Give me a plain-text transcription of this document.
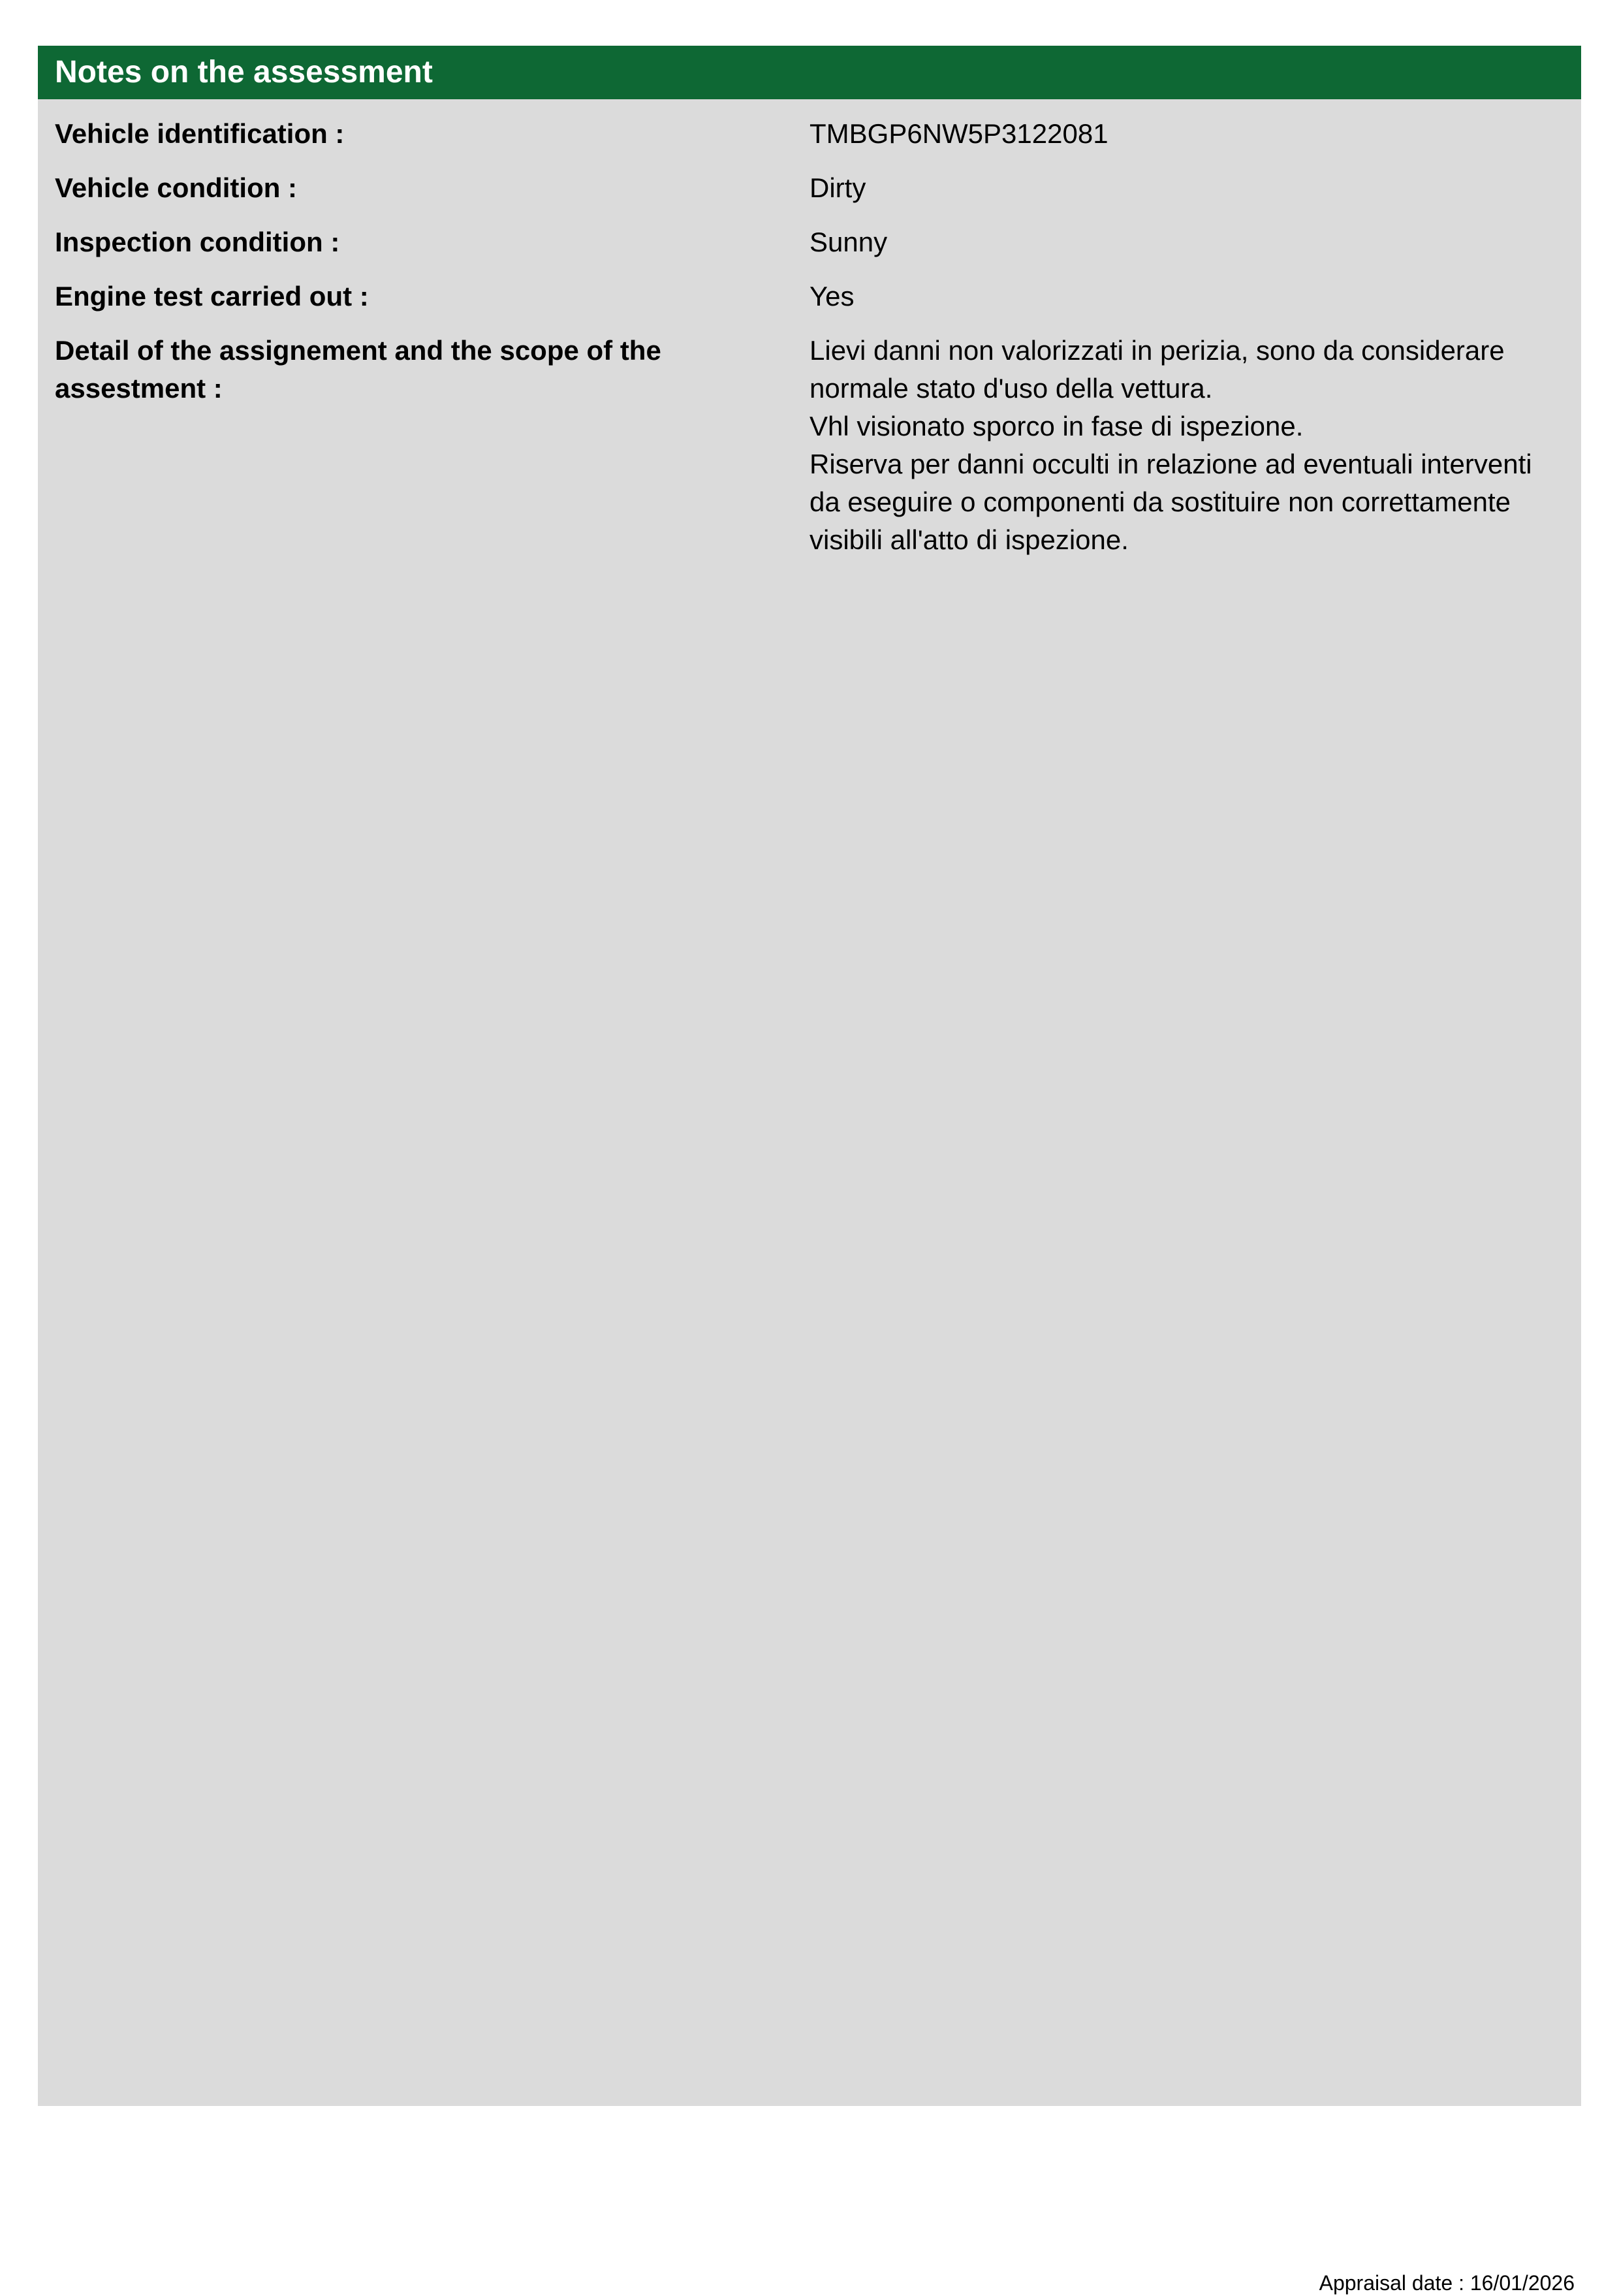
Notes on the assessment
Vehicle identification :	TMBGP6NW5P3122081
Vehicle condition :	Dirty
Inspection condition :	Sunny
Engine test carried out :	Yes
Detail of the assignement and the scope of the assestment :
Lievi danni non valorizzati in perizia, sono da considerare normale stato d'uso della vettura.
Vhl visionato sporco in fase di ispezione.
Riserva per danni occulti in relazione ad eventuali interventi da eseguire o componenti da sostituire non correttamente visibili all'atto di ispezione.
Appraisal date : 16/01/2026
